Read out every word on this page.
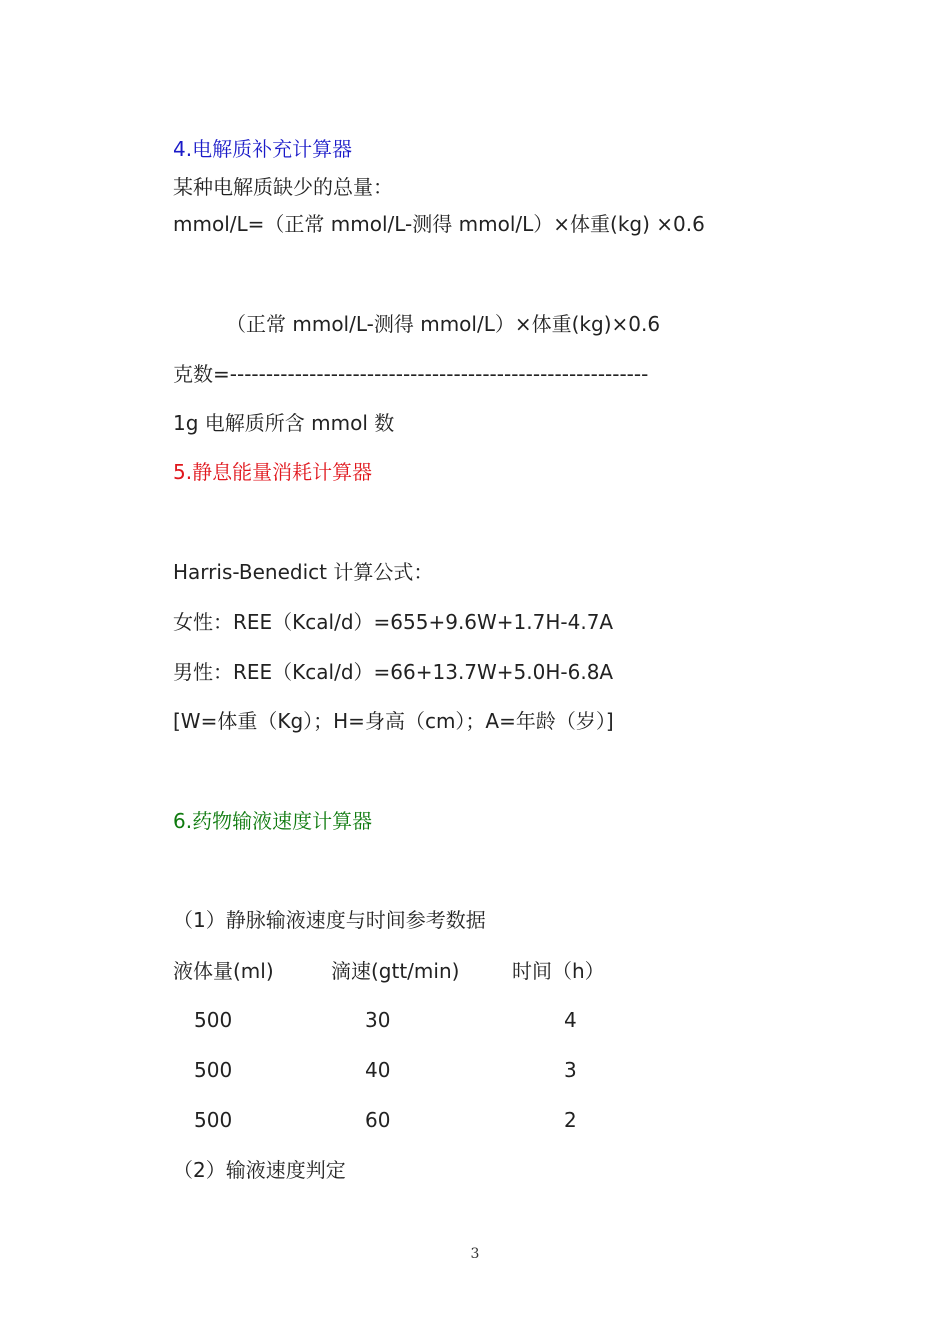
4.电解质补充计算器
某种电解质缺少的总量：
mmol/L=（正常 mmol/L-测得 mmol/L）×体重(kg) ×0.6
（正常 mmol/L-测得 mmol/L）×体重(kg)×0.6
克数=----------------------------------------------------------
1g 电解质所含 mmol 数
5.静息能量消耗计算器
Harris-Benedict 计算公式：
女性：REE（Kcal/d）=655+9.6W+1.7H-4.7A
男性：REE（Kcal/d）=66+13.7W+5.0H-6.8A
[W=体重（Kg）；H=身高（cm）；A=年龄（岁）]
6.药物输液速度计算器
（1）静脉输液速度与时间参考数据
液体量(ml)	滴速(gtt/min)	时间（h）
500	30	4
500	40	3
500	60	2
（2）输液速度判定
3
